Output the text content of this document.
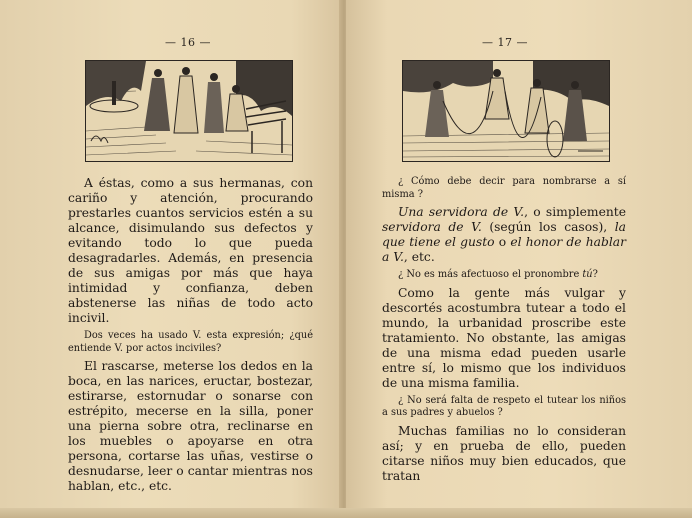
— 16 —

A éstas, como a sus hermanas, con cariño y atención, procurando prestarles cuantos servicios estén a su alcance, disimulando sus defectos y evitando todo lo que pueda desagradarles. Además, en presencia de sus amigas por más que haya intimidad y confianza, deben abstenerse las niñas de todo acto incivil.

Dos veces ha usado V. esta expresión; ¿qué entiende V. por actos inciviles?

El rascarse, meterse los dedos en la boca, en las narices, eructar, bostezar, estirarse, estornudar o sonarse con estrépito, mecerse en la silla, poner una pierna sobre otra, reclinarse en los muebles o apoyarse en otra persona, cortarse las uñas, vestirse o desnudarse, leer o cantar mientras nos hablan, etc., etc.

— 17 —

¿ Cómo debe decir para nombrarse a sí misma ?

Una servidora de V., o simplemente servidora de V. (según los casos), la que tiene el gusto o el honor de hablar a V., etc.

¿ No es más afectuoso el pronombre tú?

Como la gente más vulgar y descortés acostumbra tutear a todo el mundo, la urbanidad proscribe este tratamiento. No obstante, las amigas de una misma edad pueden usarle entre sí, lo mismo que los individuos de una misma familia.

¿ No será falta de respeto el tutear los niños a sus padres y abuelos ?

Muchas familias no lo consideran así; y en prueba de ello, pueden citarse niños muy bien educados, que tratan
